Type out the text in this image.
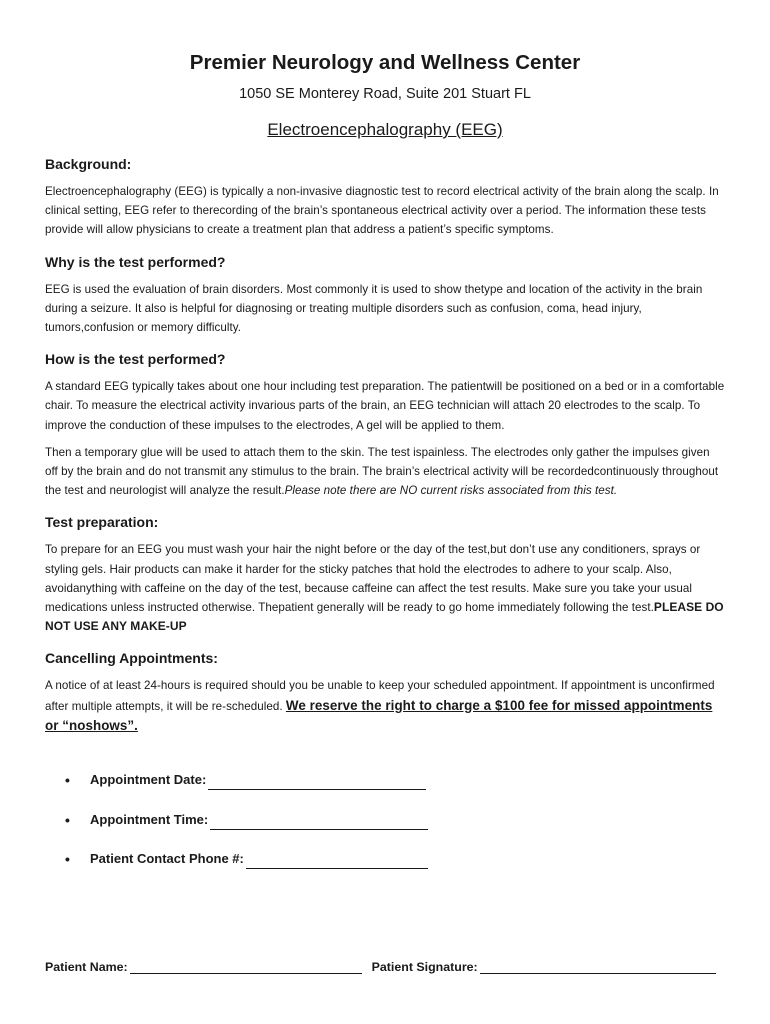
Premier Neurology and Wellness Center
1050 SE Monterey Road, Suite 201 Stuart FL
Electroencephalography (EEG)
Background:

Electroencephalography (EEG) is typically a non-invasive diagnostic test to record electrical activity of the brain along the scalp. In clinical setting, EEG refer to therecording of the brain’s spontaneous electrical activity over a period. The information these tests provide will allow physicians to create a treatment plan that address a patient’s specific symptoms.

Why is the test performed?

EEG is used the evaluation of brain disorders. Most commonly it is used to show thetype and location of the activity in the brain during a seizure. It also is helpful for diagnosing or treating multiple disorders such as confusion, coma, head injury, tumors,confusion or memory difficulty.

How is the test performed?

A standard EEG typically takes about one hour including test preparation. The patientwill be positioned on a bed or in a comfortable chair. To measure the electrical activity invarious parts of the brain, an EEG technician will attach 20 electrodes to the scalp. To improve the conduction of these impulses to the electrodes, A gel will be applied to them.

Then a temporary glue will be used to attach them to the skin. The test ispainless. The electrodes only gather the impulses given off by the brain and do not transmit any stimulus to the brain. The brain’s electrical activity will be recordedcontinuously throughout the test and neurologist will analyze the result.Please note there are NO current risks associated from this test.

Test preparation:

To prepare for an EEG you must wash your hair the night before or the day of the test,but don’t use any conditioners, sprays or styling gels. Hair products can make it harder for the sticky patches that hold the electrodes to adhere to your scalp. Also, avoidanything with caffeine on the day of the test, because caffeine can affect the test results. Make sure you take your usual medications unless instructed otherwise. Thepatient generally will be ready to go home immediately following the test.PLEASE DO NOT USE ANY MAKE-UP

Cancelling Appointments:

A notice of at least 24-hours is required should you be unable to keep your scheduled appointment. If appointment is unconfirmed after multiple attempts, it will be re-scheduled. We reserve the right to charge a $100 fee for missed appointments or “noshows”.

•	Appointment Date:
•	Appointment Time:
•	Patient Contact Phone #:
Patient Name:	Patient Signature:
